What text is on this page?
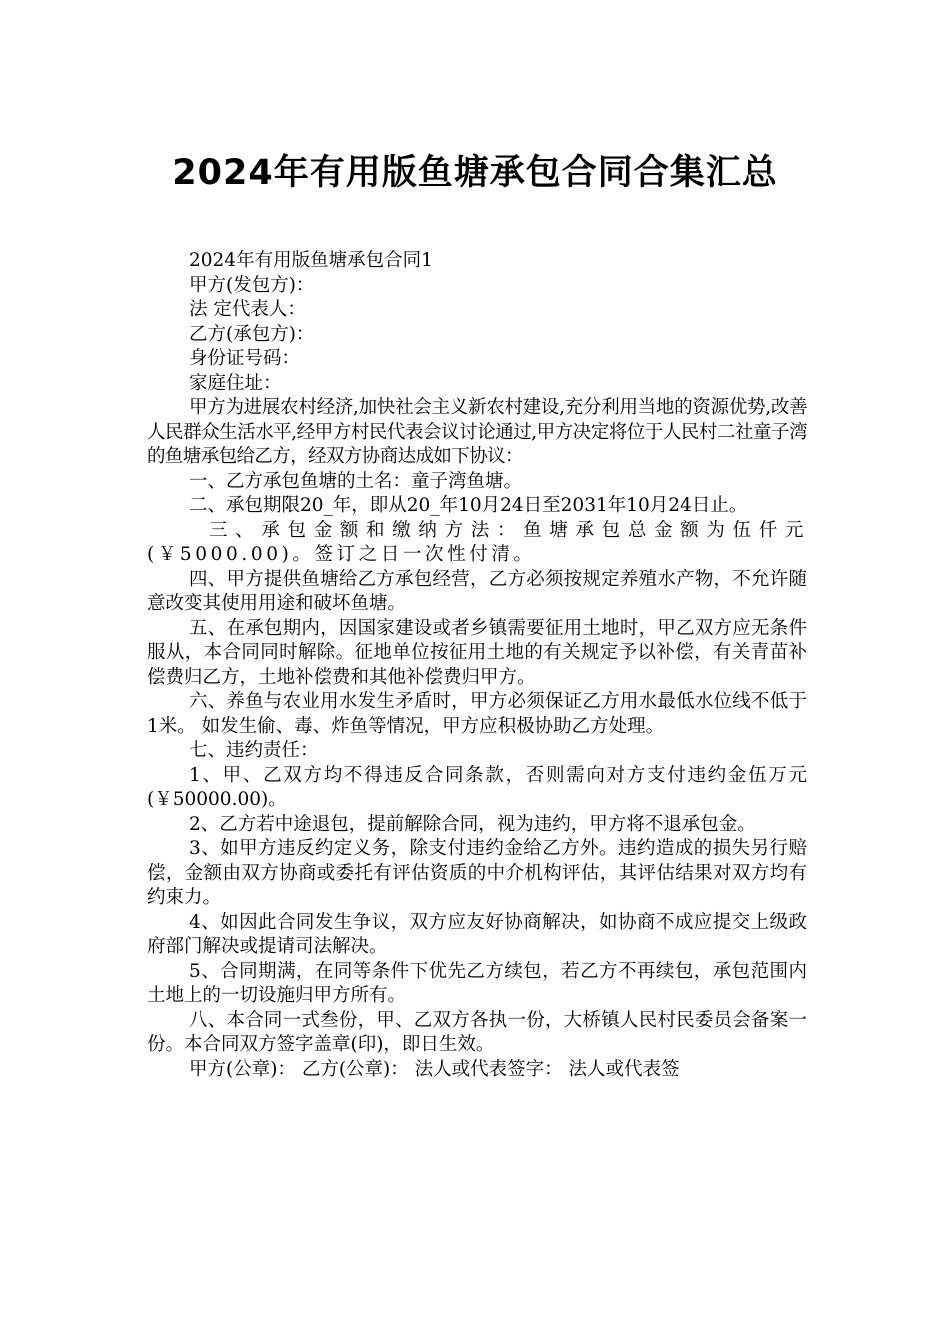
2024年有用版鱼塘承包合同合集汇总

2024年有用版鱼塘承包合同1

甲方(发包方)：

法 定代表人：

乙方(承包方)：

身份证号码：

家庭住址：

甲方为进展农村经济,加快社会主义新农村建设,充分利用当地的资源优势,改善人民群众生活水平,经甲方村民代表会议讨论通过,甲方决定将位于人民村二社童子湾的鱼塘承包给乙方，经双方协商达成如下协议：

一、乙方承包鱼塘的土名：童子湾鱼塘。

二、承包期限20_年，即从20_年10月24日至2031年10月24日止。

三、承包金额和缴纳方法：鱼塘承包总金额为伍仟元(￥5000.00)。签订之日一次性付清。

四、甲方提供鱼塘给乙方承包经营，乙方必须按规定养殖水产物，不允许随意改变其使用用途和破坏鱼塘。

五、在承包期内，因国家建设或者乡镇需要征用土地时，甲乙双方应无条件服从，本合同同时解除。征地单位按征用土地的有关规定予以补偿，有关青苗补偿费归乙方，土地补偿费和其他补偿费归甲方。

六、养鱼与农业用水发生矛盾时，甲方必须保证乙方用水最低水位线不低于1米。 如发生偷、毒、炸鱼等情况，甲方应积极协助乙方处理。

七、违约责任：

1、甲、乙双方均不得违反合同条款，否则需向对方支付违约金伍万元(￥50000.00)。

2、乙方若中途退包，提前解除合同，视为违约，甲方将不退承包金。

3、如甲方违反约定义务，除支付违约金给乙方外。违约造成的损失另行赔偿，金额由双方协商或委托有评估资质的中介机构评估，其评估结果对双方均有约束力。

4、如因此合同发生争议，双方应友好协商解决，如协商不成应提交上级政府部门解决或提请司法解决。

5、合同期满，在同等条件下优先乙方续包，若乙方不再续包，承包范围内土地上的一切设施归甲方所有。

八、本合同一式叁份，甲、乙双方各执一份，大桥镇人民村民委员会备案一份。本合同双方签字盖章(印)，即日生效。

甲方(公章)： 乙方(公章)： 法人或代表签字： 法人或代表签
